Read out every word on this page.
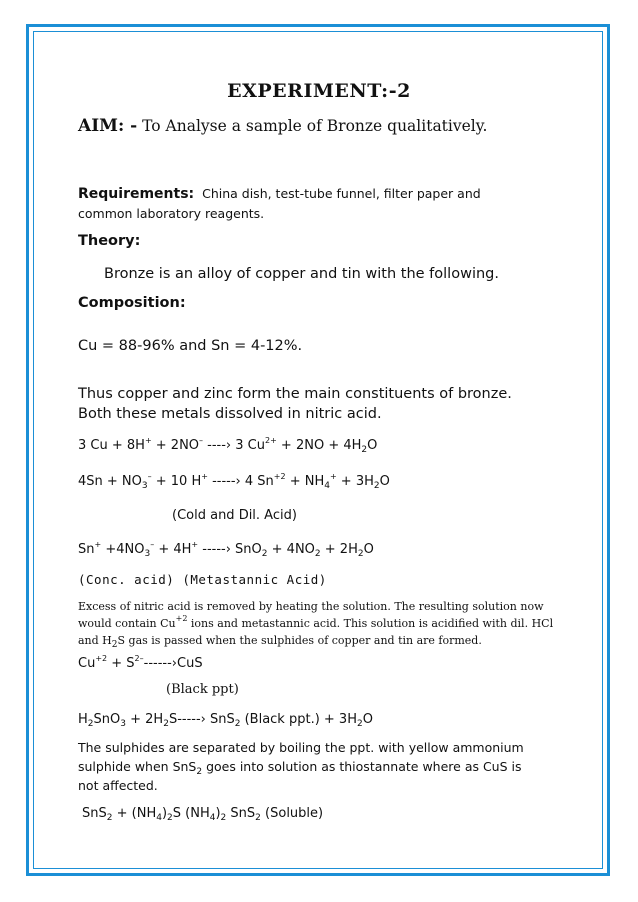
EXPERIMENT:-2
AIM: - To Analyse a sample of Bronze qualitatively.
Requirements: China dish, test-tube funnel, filter paper and
common laboratory reagents.
Theory:
Bronze is an alloy of copper and tin with the following.
Composition:
Cu = 88-96% and Sn = 4-12%.
Thus copper and zinc form the main constituents of bronze.
Both these metals dissolved in nitric acid.
3 Cu + 8H+ + 2NO– ----› 3 $Cu^{2+} + 2NO + 4H_2O$
$4Sn + NO_3^- + 10$ H+ -----› 4 $Sn^{+2} + NH_4^+ + 3H_2O$
(Cold and Dil. Acid)
$Sn^+ +4NO_3^- + 4H^+$ -----› $SnO_2 + 4NO_2 + 2H_2O$
(Conc. acid) (Metastannic Acid)
Excess of nitric acid is removed by heating the solution. The resulting solution now
would contain $Cu^{+2}$ ions and metastannic acid. This solution is acidified with dil. HCl
and $H_2S$ gas is passed when the sulphides of copper and tin are formed.
$Cu^{+2}$ + $S^{2-}------›CuS$
(Black ppt)
$H_2SnO_3$ + $2H_2S-----›$ SnS$_2$ (Black $ppt.) + 3H_2O$
The sulphides are separated by boiling the ppt. with yellow ammonium
sulphide when SnS$_2$ goes into solution as thiostannate where as CuS is
not affected.
$SnS_2 + (NH_4)_2S$ $(NH_4)_2$ SnS$_2$ (Soluble)
